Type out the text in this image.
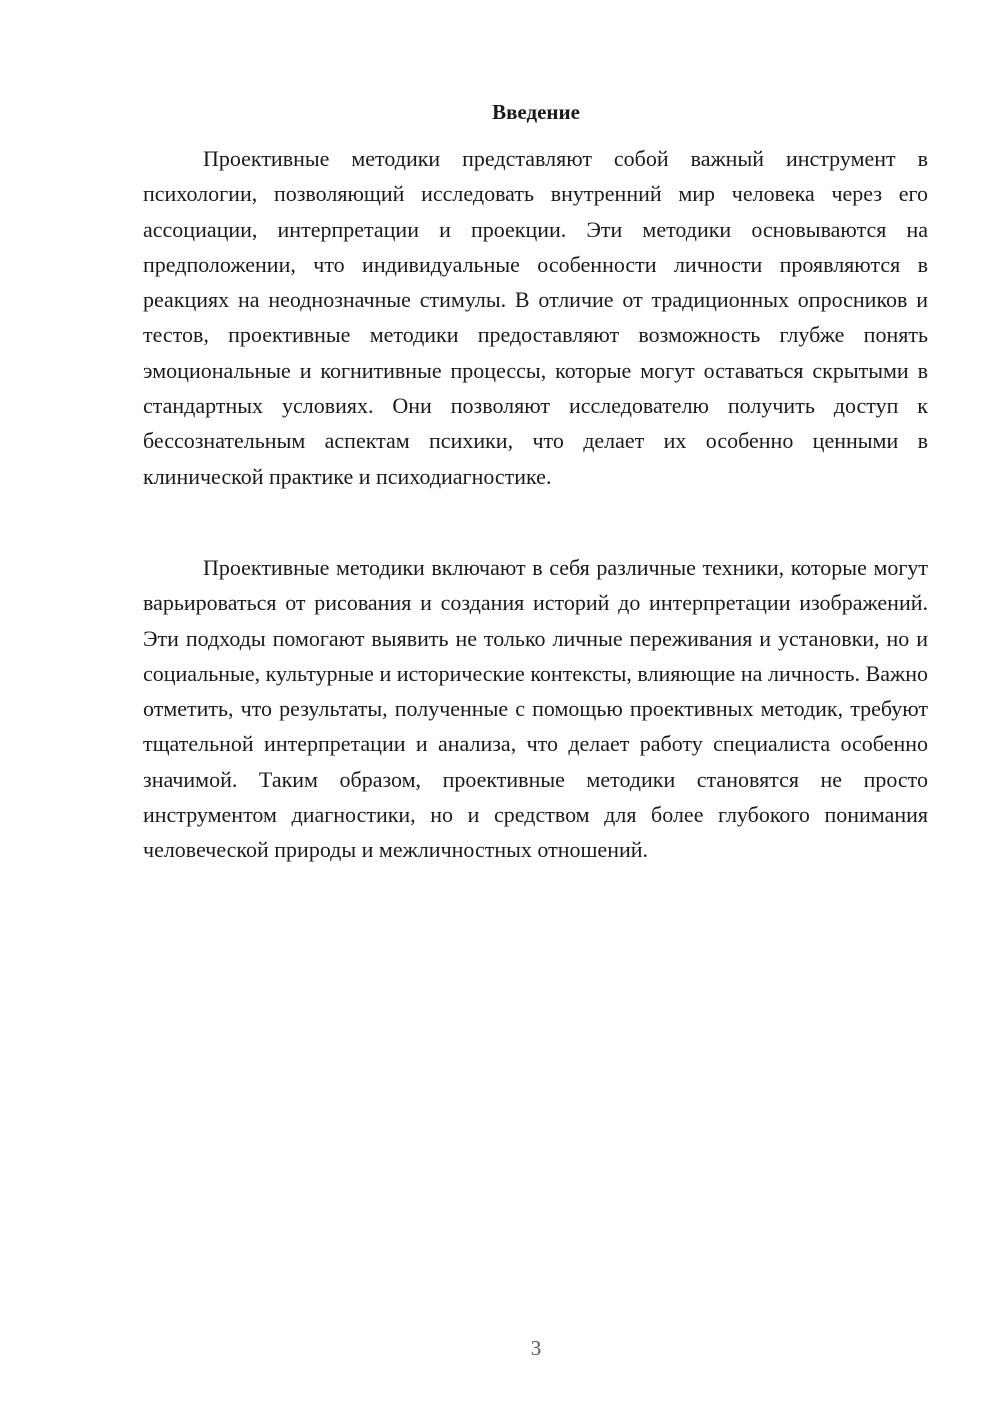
Введение

Проективные методики представляют собой важный инструмент в психологии, позволяющий исследовать внутренний мир человека через его ассоциации, интерпретации и проекции. Эти методики основываются на предположении, что индивидуальные особенности личности проявляются в реакциях на неоднозначные стимулы. В отличие от традиционных опросников и тестов, проективные методики предоставляют возможность глубже понять эмоциональные и когнитивные процессы, которые могут оставаться скрытыми в стандартных условиях. Они позволяют исследователю получить доступ к бессознательным аспектам психики, что делает их особенно ценными в клинической практике и психодиагностике.

Проективные методики включают в себя различные техники, которые могут варьироваться от рисования и создания историй до интерпретации изображений. Эти подходы помогают выявить не только личные переживания и установки, но и социальные, культурные и исторические контексты, влияющие на личность. Важно отметить, что результаты, полученные с помощью проективных методик, требуют тщательной интерпретации и анализа, что делает работу специалиста особенно значимой. Таким образом, проективные методики становятся не просто инструментом диагностики, но и средством для более глубокого понимания человеческой природы и межличностных отношений.

3
